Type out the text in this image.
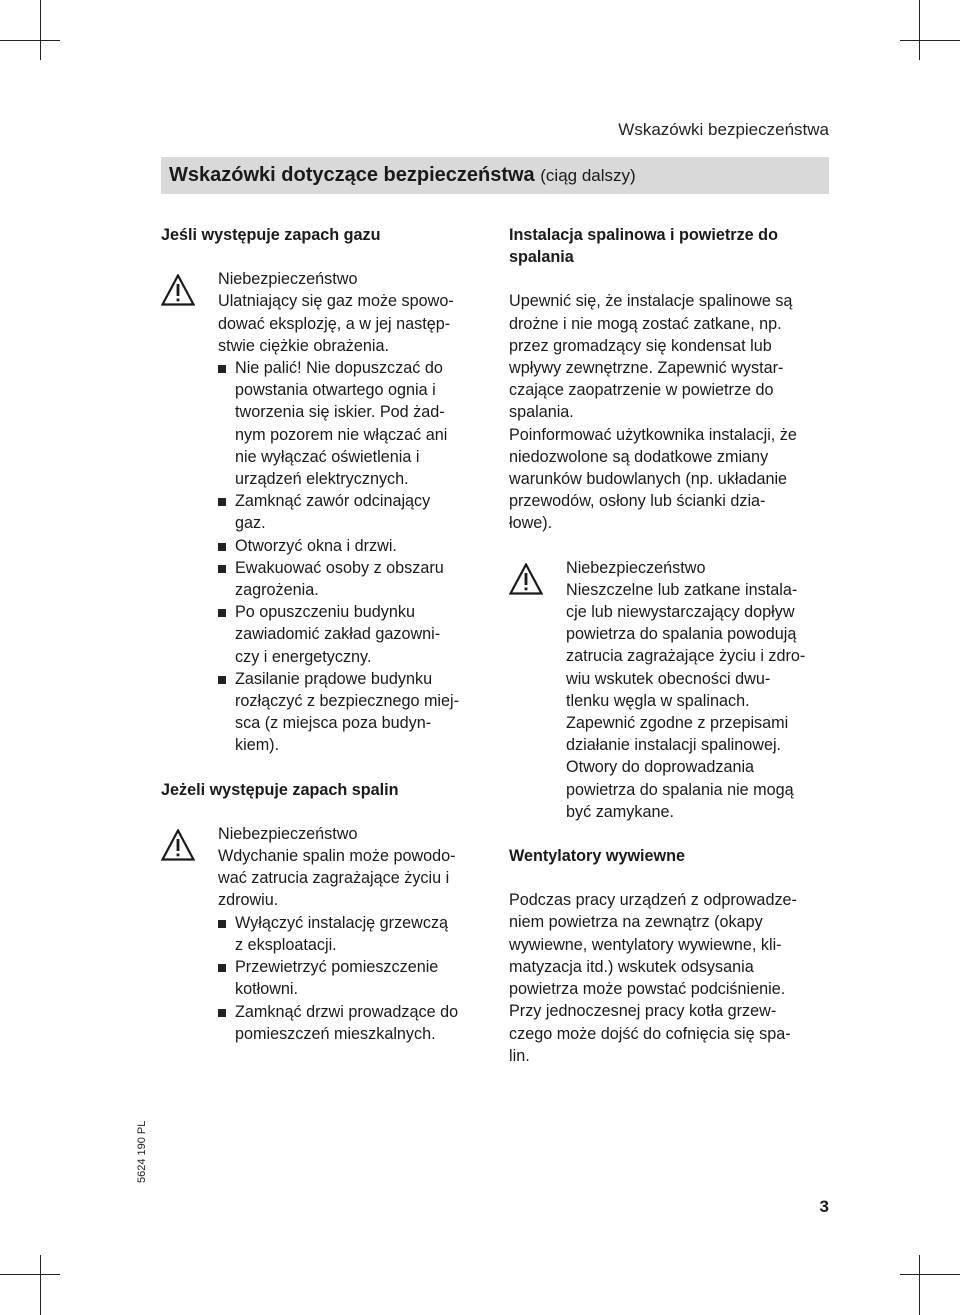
Wskazówki bezpieczeństwa
Wskazówki dotyczące bezpieczeństwa (ciąg dalszy)

Jeśli występuje zapach gazu

Niebezpieczeństwo

Ulatniający się gaz może spowo-

dować eksplozję, a w jej następ-

stwie ciężkie obrażenia.

Nie palić! Nie dopuszczać do

powstania otwartego ognia i

tworzenia się iskier. Pod żad-

nym pozorem nie włączać ani

nie wyłączać oświetlenia i

urządzeń elektrycznych.

Zamknąć zawór odcinający

gaz.

Otworzyć okna i drzwi.

Ewakuować osoby z obszaru

zagrożenia.

Po opuszczeniu budynku

zawiadomić zakład gazowni-

czy i energetyczny.

Zasilanie prądowe budynku

rozłączyć z bezpiecznego miej-

sca (z miejsca poza budyn-

kiem).

Jeżeli występuje zapach spalin

Niebezpieczeństwo

Wdychanie spalin może powodo-

wać zatrucia zagrażające życiu i

zdrowiu.

Wyłączyć instalację grzewczą

z eksploatacji.

Przewietrzyć pomieszczenie

kotłowni.

Zamknąć drzwi prowadzące do

pomieszczeń mieszkalnych.

Instalacja spalinowa i powietrze do

spalania

Upewnić się, że instalacje spalinowe są

drożne i nie mogą zostać zatkane, np.

przez gromadzący się kondensat lub

wpływy zewnętrzne. Zapewnić wystar-

czające zaopatrzenie w powietrze do

spalania.

Poinformować użytkownika instalacji, że

niedozwolone są dodatkowe zmiany

warunków budowlanych (np. układanie

przewodów, osłony lub ścianki dzia-

łowe).

Niebezpieczeństwo

Nieszczelne lub zatkane instala-

cje lub niewystarczający dopływ

powietrza do spalania powodują

zatrucia zagrażające życiu i zdro-

wiu wskutek obecności dwu-

tlenku węgla w spalinach.

Zapewnić zgodne z przepisami

działanie instalacji spalinowej.

Otwory do doprowadzania

powietrza do spalania nie mogą

być zamykane.

Wentylatory wywiewne

Podczas pracy urządzeń z odprowadze-

niem powietrza na zewnątrz (okapy

wywiewne, wentylatory wywiewne, kli-

matyzacja itd.) wskutek odsysania

powietrza może powstać podciśnienie.

Przy jednoczesnej pracy kotła grzew-

czego może dojść do cofnięcia się spa-

lin.

5624 190 PL
3
